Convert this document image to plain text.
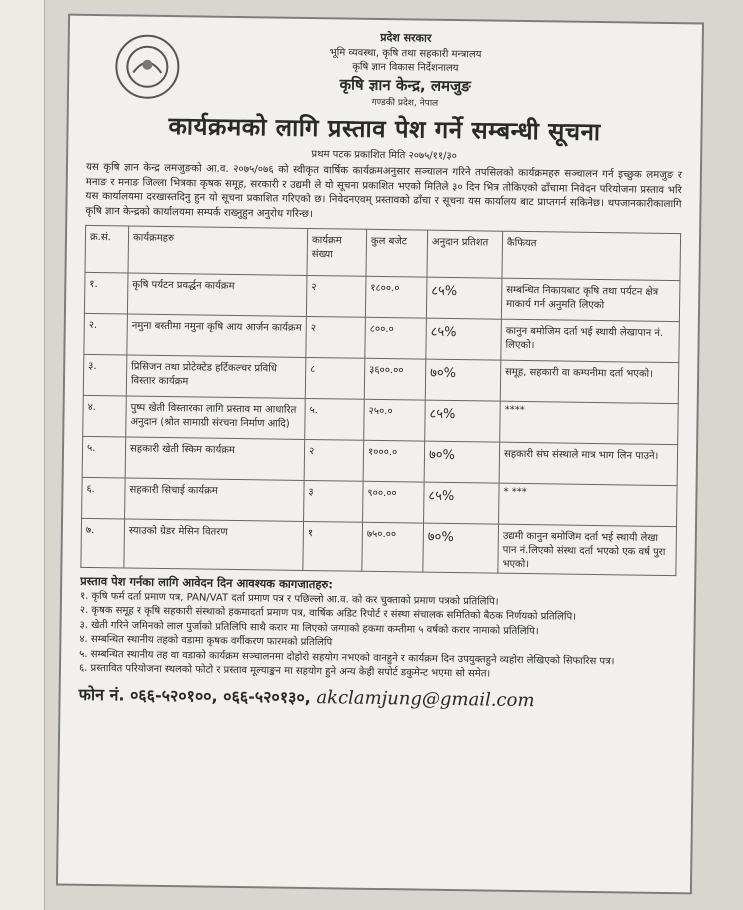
प्रदेश सरकार
भूमि व्यवस्था, कृषि तथा सहकारी मन्त्रालय
कृषि ज्ञान विकास निर्देशनालय
कृषि ज्ञान केन्द्र, लमजुङ
गण्डकी प्रदेश, नेपाल
कार्यक्रमको लागि प्रस्ताव पेश गर्ने सम्बन्धी सूचना
प्रथम पटक प्रकाशित मिति २०७५/११/३०
यस कृषि ज्ञान केन्द्र लमजुङको आ.व. २०७५/०७६ को स्वीकृत वार्षिक कार्यक्रमअनुसार सञ्चालन गरिने तपसिलको कार्यक्रमहरु सञ्चालन गर्न इच्छुक लमजुङ र मनाङ र मनाङ जिल्ला भित्रका कृषक समूह, सरकारी र उद्यमी ले यो सूचना प्रकाशित भएको मितिले ३० दिन भित्र तोकिएको ढाँचामा निवेदन परियोजना प्रस्ताव भरि यस कार्यालयमा दरखास्तदिनु हुन यो सूचना प्रकाशित गरिएको छ। निवेदनएवम् प्रस्तावको ढाँचा र सूचना यस कार्यालय बाट प्राप्तगर्न सकिनेछ। थपजानकारीकालागि कृषि ज्ञान केन्द्रको कार्यालयमा सम्पर्क राख्नुहुन अनुरोध गरिन्छ।
क्र.सं.	कार्यक्रमहरु	कार्यक्रम संख्या	कुल बजेट	अनुदान प्रतिशत	कैफियत
१.	कृषि पर्यटन प्रवर्द्धन कार्यक्रम	२	१८००.०	८५%	सम्बन्धित निकायबाट कृषि तथा पर्यटन क्षेत्र माकार्य गर्न अनुमति लिएको
२.	नमुना बस्तीमा नमुना कृषि आय आर्जन कार्यक्रम	२	८००.०	८५%	कानुन बमोजिम दर्ता भई स्थायी लेखापान नं. लिएको।
३.	प्रिसिजन तथा प्रोटेक्टेड हर्टिकल्चर प्रविधि विस्तार कार्यक्रम	८	३६००.००	७०%	समूह, सहकारी वा कम्पनीमा दर्ता भएको।
४.	पुष्प खेती विस्तारका लागि प्रस्ताव मा आधारित अनुदान (श्रोत सामाग्री संरचना निर्माण आदि)	५.	२५०.०	८५%	****
५.	सहकारी खेती स्किम कार्यक्रम	२	१०००.०	७०%	सहकारी संघ संस्थाले मात्र भाग लिन पाउने।
६.	सहकारी सिचाई कार्यक्रम	३	९००.००	८५%	* ***
७.	स्याउको ग्रेडर मेसिन वितरण	१	७५०.००	७०%	उद्यमी कानुन बमोजिम दर्ता भई स्थायी लेखा पान नं.लिएको संस्था दर्ता भएको एक वर्ष पुरा भएको।
प्रस्ताव पेश गर्नका लागि आवेदन दिन आवश्यक कागजातहरु:
१. कृषि फर्म दर्ता प्रमाण पत्र, PAN/VAT दर्ता प्रमाण पत्र र पछिल्लो आ.व. को कर चुक्ताको प्रमाण पत्रको प्रतिलिपि।
२. कृषक समूह र कृषि सहकारी संस्थाको हकमादर्ता प्रमाण पत्र, वार्षिक अडिट रिपोर्ट र संस्था संचालक समितिको बैठक निर्णयको प्रतिलिपि।
३. खेती गरिने जमिनको लाल पुर्जाको प्रतिलिपि साथै करार मा लिएको जग्गाको हकमा कम्तीमा ५ वर्षको करार नामाको प्रतिलिपि।
४. सम्बन्धित स्थानीय तहको वडामा कृषक वर्गीकरण फारमको प्रतिलिपि
५. सम्बन्धित स्थानीय तह वा वडाको कार्यक्रम सञ्चालनमा दोहोरो सहयोग नभएको वानहुने र कार्यक्रम दिन उपयुक्तहुने व्यहोरा लेखिएको सिफारिस पत्र।
६. प्रस्तावित परियोजना स्थलको फोटो र प्रस्ताव मूल्याङ्कन मा सहयोग हुने अन्य केही सपोर्ट डकुमेन्ट भएमा सो समेत।
फोन नं. ०६६-५२०१००, ०६६-५२०१३०, akclamjung@gmail.com
